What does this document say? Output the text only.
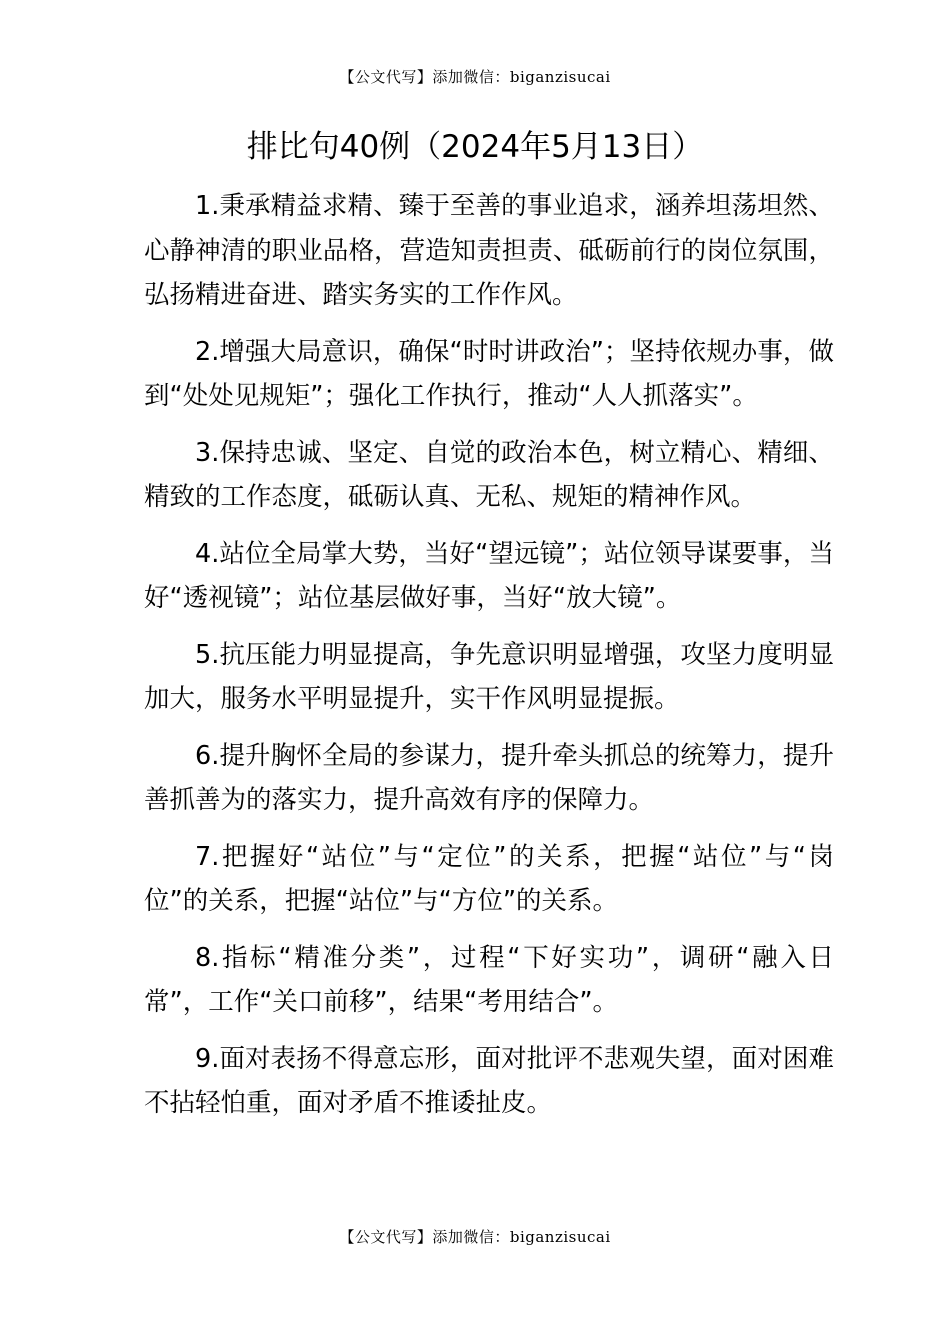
【公文代写】添加微信：biganzisucai
排比句40例（2024年5月13日）

1.秉承精益求精、臻于至善的事业追求，涵养坦荡坦然、心静神清的职业品格，营造知责担责、砥砺前行的岗位氛围，弘扬精进奋进、踏实务实的工作作风。

2.增强大局意识，确保“时时讲政治”；坚持依规办事，做到“处处见规矩”；强化工作执行，推动“人人抓落实”。

3.保持忠诚、坚定、自觉的政治本色，树立精心、精细、精致的工作态度，砥砺认真、无私、规矩的精神作风。

4.站位全局掌大势，当好“望远镜”；站位领导谋要事，当好“透视镜”；站位基层做好事，当好“放大镜”。

5.抗压能力明显提高，争先意识明显增强，攻坚力度明显加大，服务水平明显提升，实干作风明显提振。

6.提升胸怀全局的参谋力，提升牵头抓总的统筹力，提升善抓善为的落实力，提升高效有序的保障力。

7.把握好“站位”与“定位”的关系，把握“站位”与“岗位”的关系，把握“站位”与“方位”的关系。

8.指标“精准分类”，过程“下好实功”，调研“融入日常”，工作“关口前移”，结果“考用结合”。

9.面对表扬不得意忘形，面对批评不悲观失望，面对困难不拈轻怕重，面对矛盾不推诿扯皮。

【公文代写】添加微信：biganzisucai
